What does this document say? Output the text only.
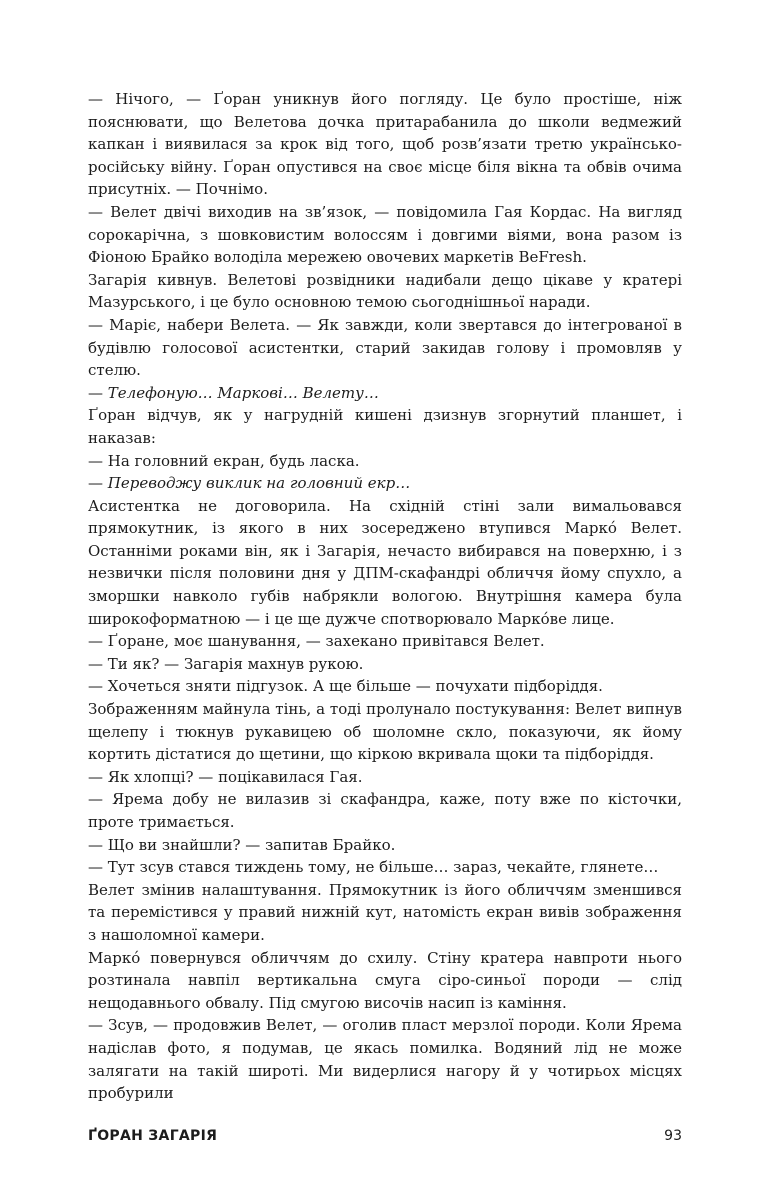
— Нічого, — Ґоран уникнув його погляду. Це було простіше, ніж пояснювати, що Велетова дочка притарабанила до школи ведмежий капкан і виявилася за крок від того, щоб розв’язати третю українсько-російську війну. Ґоран опустився на своє місце біля вікна та обвів очима присутніх. — Почнімо.

— Велет двічі виходив на зв’язок, — повідомила Гая Кордас. На вигляд сорокарічна, з шовковистим волоссям і довгими віями, вона разом із Фіоною Брайко володіла мережею овочевих маркетів BeFresh.

Загарія кивнув. Велетові розвідники надибали дещо цікаве у кратері Мазурського, і це було основною темою сьогоднішньої наради.

— Маріє, набери Велета. — Як завжди, коли звертався до інтегрованої в будівлю голосової асистентки, старий закидав голову і промовляв у стелю.

— Телефоную… Маркові… Велету…

Ґоран відчув, як у нагрудній кишені дзизнув згорнутий планшет, і наказав:

— На головний екран, будь ласка.

— Переводжу виклик на головний екр…

Асистентка не договорила. На східній стіні зали вимальовався прямокутник, із якого в них зосереджено втупився Маркó Велет. Останніми роками він, як і Загарія, нечасто вибирався на поверхню, і з незвички після половини дня у ДПМ-скафандрі обличчя йому спухло, а зморшки навколо губів набрякли вологою. Внутрішня камера була широкоформатною — і це ще дужче спотворювало Маркóве лице.

— Ґоране, моє шанування, — захекано привітався Велет.

— Ти як? — Загарія махнув рукою.

— Хочеться зняти підгузок. А ще більше — почухати підборіддя.

Зображенням майнула тінь, а тоді пролунало постукування: Велет випнув щелепу і тюкнув рукавицею об шоломне скло, показуючи, як йому кортить дістатися до щетини, що кіркою вкривала щоки та підборіддя.

— Як хлопці? — поцікавилася Гая.

— Ярема добу не вилазив зі скафандра, каже, поту вже по кісточки, проте тримається.

— Що ви знайшли? — запитав Брайко.

— Тут зсув стався тиждень тому, не більше… зараз, чекайте, глянете…

Велет змінив налаштування. Прямокутник із його обличчям зменшився та перемістився у правий нижній кут, натомість екран вивів зображення з нашоломної камери.

Маркó повернувся обличчям до схилу. Стіну кратера навпроти нього розтинала навпіл вертикальна смуга сіро-синьої породи — слід нещодавнього обвалу. Під смугою височів насип із каміння.

— Зсув, — продовжив Велет, — оголив пласт мерзлої породи. Коли Ярема надіслав фото, я подумав, це якась помилка. Водяний лід не може залягати на такій широті. Ми видерлися нагору й у чотирьох місцях пробурили

ҐОРАН ЗАГАРІЯ	93
